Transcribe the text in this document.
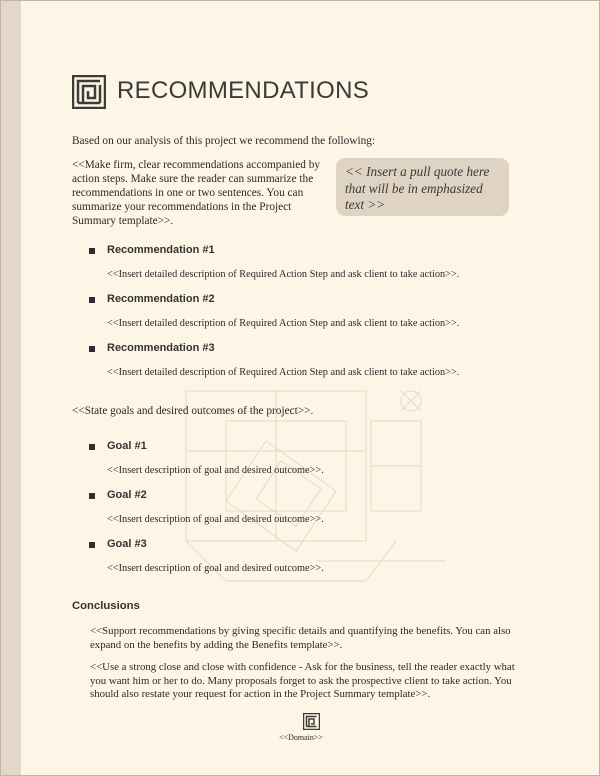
RECOMMENDATIONS

Based on our analysis of this project we recommend the following:

<<Make firm, clear recommendations accompanied by
action steps. Make sure the reader can summarize the
recommendations in one or two sentences. You can
summarize your recommendations in the Project
Summary template>>.
<< Insert a pull quote here
that will be in emphasized
text >>
Recommendation #1
<<Insert detailed description of Required Action Step and ask client to take action>>.
Recommendation #2
<<Insert detailed description of Required Action Step and ask client to take action>>.
Recommendation #3
<<Insert detailed description of Required Action Step and ask client to take action>>.

<<State goals and desired outcomes of the project>>.

Goal #1
<<Insert description of goal and desired outcome>>.
Goal #2
<<Insert description of goal and desired outcome>>.
Goal #3
<<Insert description of goal and desired outcome>>.
Conclusions
<<Support recommendations by giving specific details and quantifying the benefits. You can also
expand on the benefits by adding the Benefits template>>.
<<Use a strong close and close with confidence - Ask for the business, tell the reader exactly what
you want him or her to do. Many proposals forget to ask the prospective client to take action. You
should also restate your request for action in the Project Summary template>>.
<<Domain>>
